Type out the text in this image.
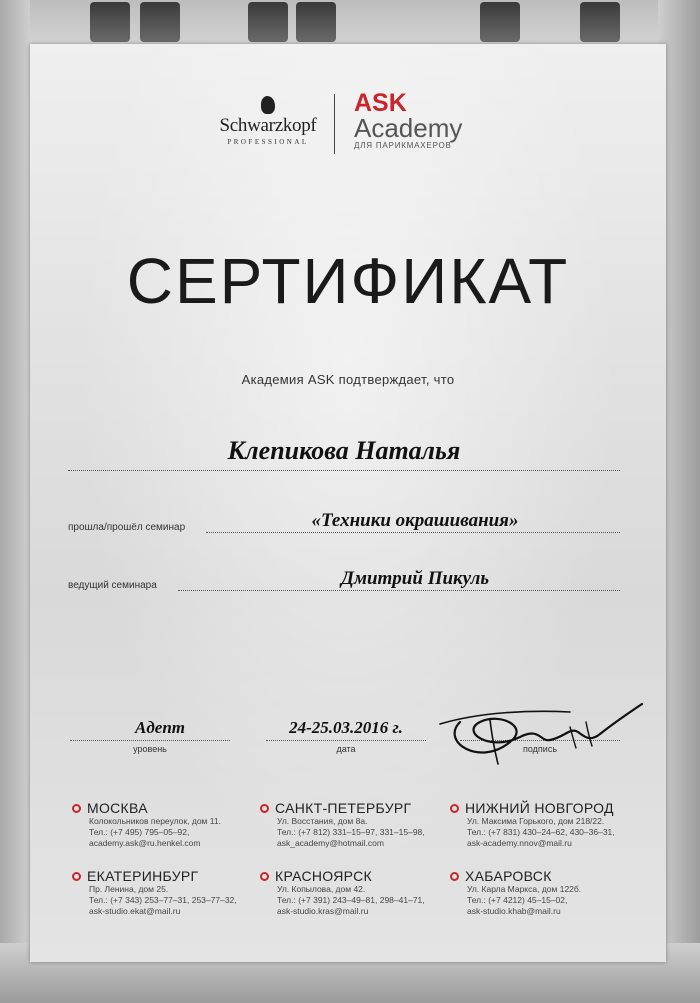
Schwarzkopf
PROFESSIONAL
ASK
Academy
ДЛЯ ПАРИКМАХЕРОВ
СЕРТИФИКАТ
Академия ASK подтверждает, что
Клепикова Наталья
прошла/прошёл семинар	«Техники окрашивания»
ведущий семинара	Дмитрий Пикуль
Адепт
уровень
24-25.03.2016 г.
дата	подпись
МОСКВА
Колокольников переулок, дом 11.
Тел.: (+7 495) 795–05–92,
academy.ask@ru.henkel.com
САНКТ-ПЕТЕРБУРГ
Ул. Восстания, дом 8а.
Тел.: (+7 812) 331–15–97, 331–15–98,
ask_academy@hotmail.com
НИЖНИЙ НОВГОРОД
Ул. Максима Горького, дом 218/22.
Тел.: (+7 831) 430–24–62, 430–36–31,
ask-academy.nnov@mail.ru
ЕКАТЕРИНБУРГ
Пр. Ленина, дом 25.
Тел.: (+7 343) 253–77–31, 253–77–32,
ask-studio.ekat@mail.ru
КРАСНОЯРСК
Ул. Копылова, дом 42.
Тел.: (+7 391) 243–49–81, 298–41–71,
ask-studio.kras@mail.ru
ХАБАРОВСК
Ул. Карла Маркса, дом 122б.
Тел.: (+7 4212) 45–15–02,
ask-studio.khab@mail.ru
